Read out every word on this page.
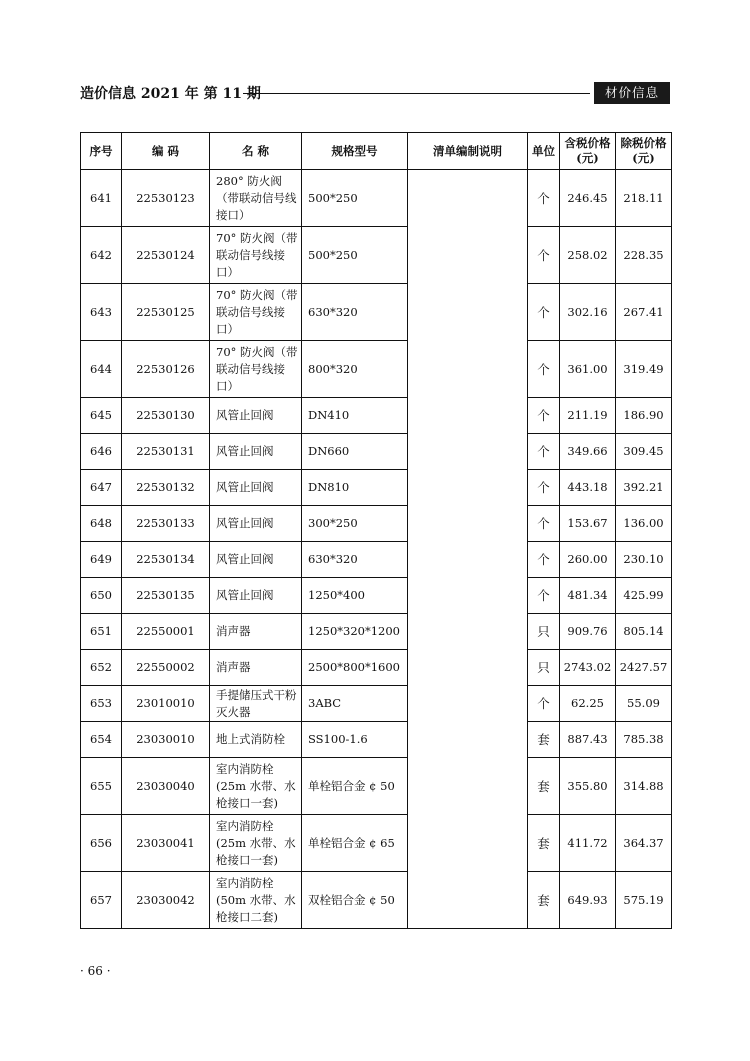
造价信息 2021 年 第 11 期	材价信息
序号	编 码	名 称	规格型号	清单编制说明	单位	含税价格(元)	除税价格(元)
641	22530123	280° 防火阀（带联动信号线接口）	500*250		个	246.45	218.11
642	22530124	70° 防火阀（带联动信号线接口）	500*250		个	258.02	228.35
643	22530125	70° 防火阀（带联动信号线接口）	630*320		个	302.16	267.41
644	22530126	70° 防火阀（带联动信号线接口）	800*320		个	361.00	319.49
645	22530130	风管止回阀	DN410		个	211.19	186.90
646	22530131	风管止回阀	DN660		个	349.66	309.45
647	22530132	风管止回阀	DN810		个	443.18	392.21
648	22530133	风管止回阀	300*250		个	153.67	136.00
649	22530134	风管止回阀	630*320		个	260.00	230.10
650	22530135	风管止回阀	1250*400		个	481.34	425.99
651	22550001	消声器	1250*320*1200		只	909.76	805.14
652	22550002	消声器	2500*800*1600		只	2743.02	2427.57
653	23010010	手提储压式干粉灭火器	3ABC		个	62.25	55.09
654	23030010	地上式消防栓	SS100-1.6		套	887.43	785.38
655	23030040	室内消防栓(25m 水带、水枪接口一套)	单栓铝合金 ¢ 50		套	355.80	314.88
656	23030041	室内消防栓(25m 水带、水枪接口一套)	单栓铝合金 ¢ 65		套	411.72	364.37
657	23030042	室内消防栓(50m 水带、水枪接口二套)	双栓铝合金 ¢ 50		套	649.93	575.19
· 66 ·
